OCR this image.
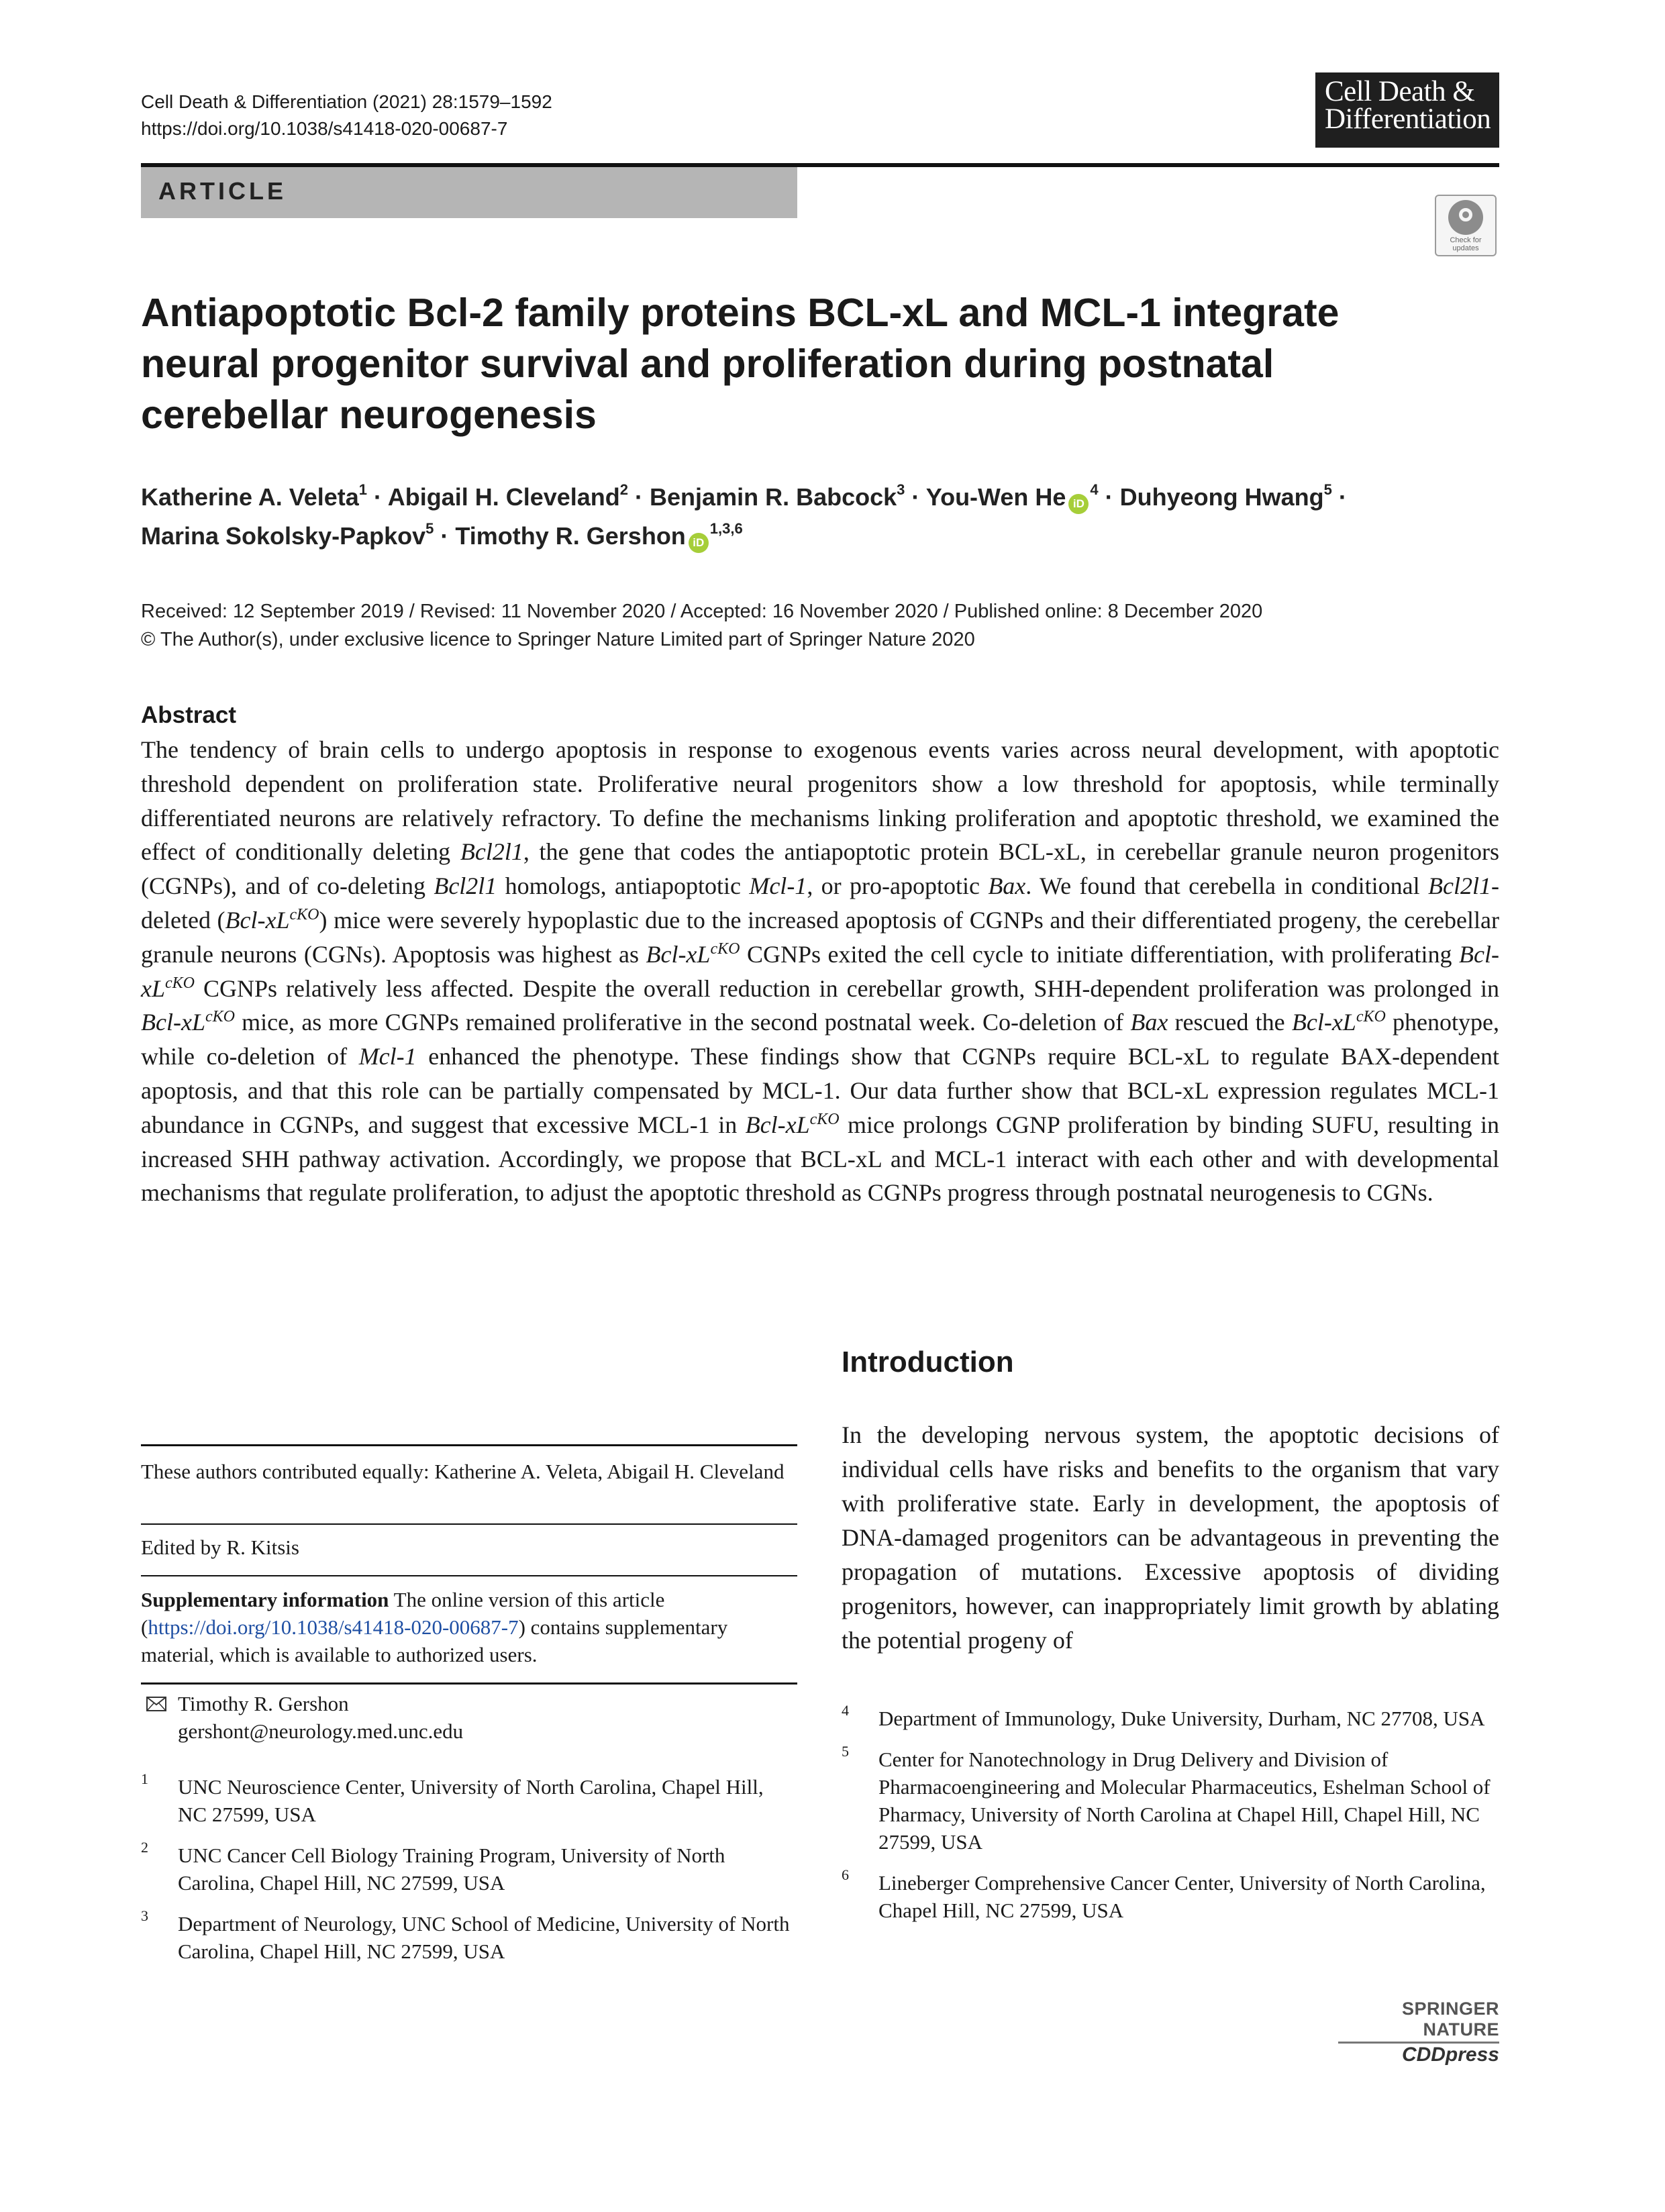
Cell Death & Differentiation (2021) 28:1579–1592
https://doi.org/10.1038/s41418-020-00687-7
Cell Death &
Differentiation
ARTICLE
Check for updates
Antiapoptotic Bcl-2 family proteins BCL-xL and MCL-1 integrate neural progenitor survival and proliferation during postnatal cerebellar neurogenesis
Katherine A. Veleta$^1$ · Abigail H. Cleveland$^2$ · Benjamin R. Babcock$^3$ · You-Wen He $iD^4$ · Duhyeong Hwang$^5$ ·
Marina Sokolsky-Papkov$^5$ · Timothy R. Gershon iD$^{1,3,6}$
Received: 12 September 2019 / Revised: 11 November 2020 / Accepted: 16 November 2020 / Published online: 8 December 2020
© The Author(s), under exclusive licence to Springer Nature Limited part of Springer Nature 2020
Abstract
The tendency of brain cells to undergo apoptosis in response to exogenous events varies across neural development, with apoptotic threshold dependent on proliferation state. Proliferative neural progenitors show a low threshold for apoptosis, while terminally differentiated neurons are relatively refractory. To define the mechanisms linking proliferation and apoptotic threshold, we examined the effect of conditionally deleting Bcl2l1, the gene that codes the antiapoptotic protein BCL-xL, in cerebellar granule neuron progenitors (CGNPs), and of co-deleting Bcl2l1 homologs, antiapoptotic Mcl-1, or pro-apoptotic Bax. We found that cerebella in conditional Bcl2l1-deleted $(Bcl-xL^{cKO})$ mice were severely hypoplastic due to the increased apoptosis of CGNPs and their differentiated progeny, the cerebellar granule neurons (CGNs). Apoptosis was highest as Bcl-$xL^{cKO}$ CGNPs exited the cell cycle to initiate differentiation, with proliferating Bcl-$xL^{cKO}$ CGNPs relatively less affected. Despite the overall reduction in cerebellar growth, SHH-dependent proliferation was prolonged in Bcl-$xL^{cKO}$ mice, as more CGNPs remained proliferative in the second postnatal week. Co-deletion of Bax rescued the Bcl-$xL^{cKO}$ phenotype, while co-deletion of Mcl-1 enhanced the phenotype. These findings show that CGNPs require BCL-xL to regulate BAX-dependent apoptosis, and that this role can be partially compensated by MCL-1. Our data further show that BCL-xL expression regulates MCL-1 abundance in CGNPs, and suggest that excessive MCL-1 in Bcl-$xL^{cKO}$ mice prolongs CGNP proliferation by binding SUFU, resulting in increased SHH pathway activation. Accordingly, we propose that BCL-xL and MCL-1 interact with each other and with developmental mechanisms that regulate proliferation, to adjust the apoptotic threshold as CGNPs progress through postnatal neurogenesis to CGNs.
Introduction
In the developing nervous system, the apoptotic decisions of individual cells have risks and benefits to the organism that vary with proliferative state. Early in development, the apoptosis of DNA-damaged progenitors can be advantageous in preventing the propagation of mutations. Excessive apoptosis of dividing progenitors, however, can inappropriately limit growth by ablating the potential progeny of
These authors contributed equally: Katherine A. Veleta, Abigail H. Cleveland
Edited by R. Kitsis
Supplementary information The online version of this article (https://doi.org/10.1038/s41418-020-00687-7) contains supplementary material, which is available to authorized users.
Timothy R. Gershon
gershont@neurology.med.unc.edu
1 UNC Neuroscience Center, University of North Carolina, Chapel Hill, NC 27599, USA
2 UNC Cancer Cell Biology Training Program, University of North Carolina, Chapel Hill, NC 27599, USA
3 Department of Neurology, UNC School of Medicine, University of North Carolina, Chapel Hill, NC 27599, USA
4 Department of Immunology, Duke University, Durham, NC 27708, USA
5 Center for Nanotechnology in Drug Delivery and Division of Pharmacoengineering and Molecular Pharmaceutics, Eshelman School of Pharmacy, University of North Carolina at Chapel Hill, Chapel Hill, NC 27599, USA
6 Lineberger Comprehensive Cancer Center, University of North Carolina, Chapel Hill, NC 27599, USA
SPRINGER NATURE
CDDpress
